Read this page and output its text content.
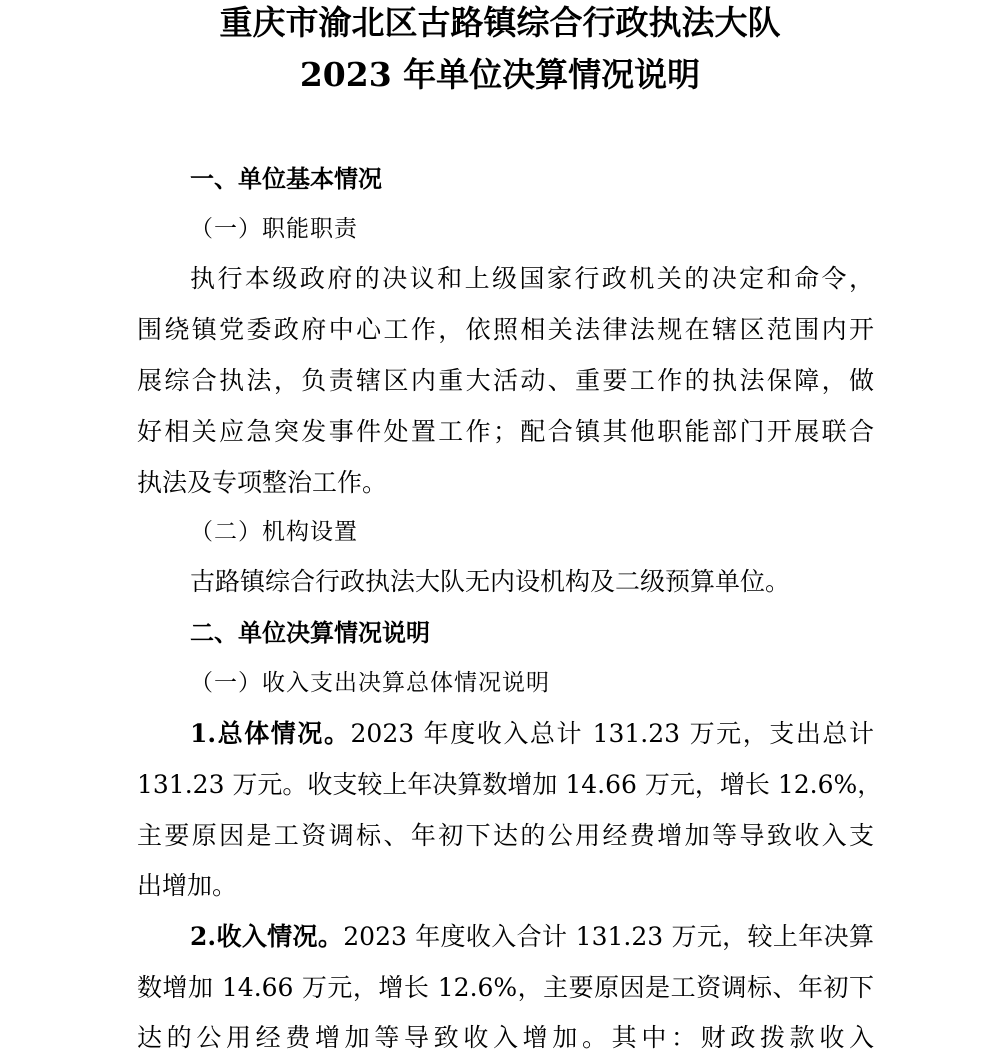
重庆市渝北区古路镇综合行政执法大队
2023 年单位决算情况说明
一、单位基本情况
（一）职能职责
执行本级政府的决议和上级国家行政机关的决定和命令，
围绕镇党委政府中心工作，依照相关法律法规在辖区范围内开
展综合执法，负责辖区内重大活动、重要工作的执法保障，做
好相关应急突发事件处置工作；配合镇其他职能部门开展联合
执法及专项整治工作。
（二）机构设置
古路镇综合行政执法大队无内设机构及二级预算单位。
二、单位决算情况说明
（一）收入支出决算总体情况说明
1.总体情况。2023 年度收入总计 131.23 万元，支出总计
131.23 万元。收支较上年决算数增加 14.66 万元，增长 12.6%，
主要原因是工资调标、年初下达的公用经费增加等导致收入支
出增加。
2.收入情况。2023 年度收入合计 131.23 万元，较上年决算
数增加 14.66 万元，增长 12.6%，主要原因是工资调标、年初下
达的公用经费增加等导致收入增加。其中：财政拨款收入
